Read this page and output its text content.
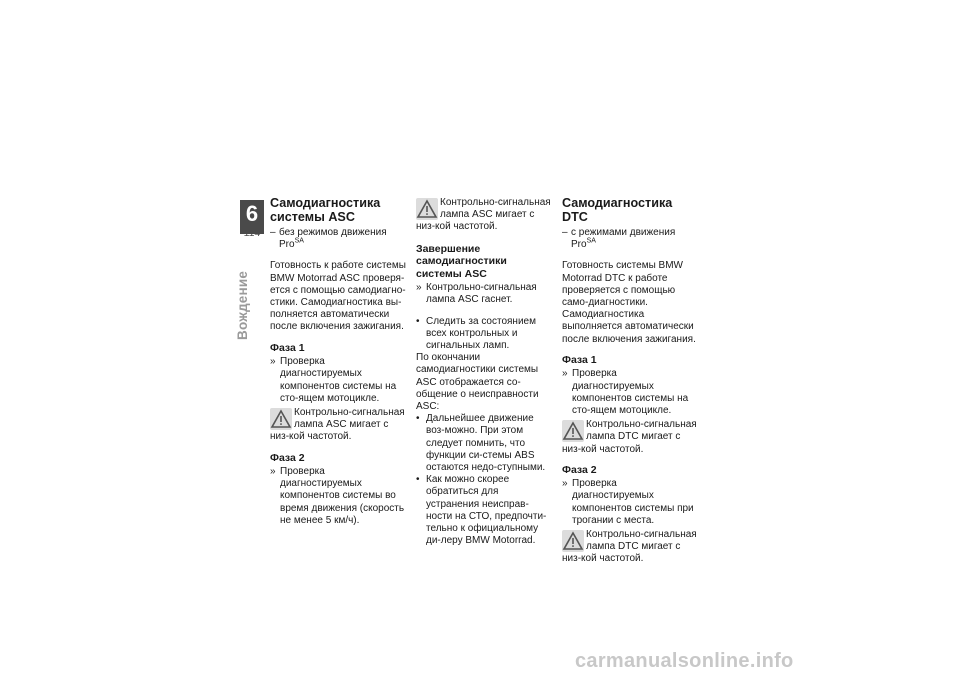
6
114
Вождение
Самодиагностика системы ASC

– без режимов движения Pro$^{SA}$

Готовность к работе системы BMW Motorrad ASC проверя-ется с помощью самодиагно-стики. Самодиагностика вы-полняется автоматически после включения зажигания.

Фаза 1

» Проверка диагностируемых компонентов системы на сто-ящем мотоцикле.

Контрольно-сигнальная лампа ASC мигает с низ-кой частотой.
Фаза 2

» Проверка диагностируемых компонентов системы во время движения (скорость не менее 5 км/ч).

Контрольно-сигнальная лампа ASC мигает с низ-кой частотой.
Завершение самодиагностики системы ASC

» Контрольно-сигнальная лампа ASC гаснет.

• Следить за состоянием всех контрольных и сигнальных ламп.

По окончании самодиагностики системы ASC отображается со-общение о неисправности ASC:

• Дальнейшее движение воз-можно. При этом следует помнить, что функции си-стемы ABS остаются недо-ступными.

• Как можно скорее обратиться для устранения неисправ-ности на СТО, предпочти-тельно к официальному ди-леру BMW Motorrad.

Самодиагностика DTC

– с режимами движения Pro$^{SA}$

Готовность системы BMW Motorrad DTC к работе проверяется с помощью само-диагностики. Самодиагностика выполняется автоматически после включения зажигания.

Фаза 1

» Проверка диагностируемых компонентов системы на сто-ящем мотоцикле.

Контрольно-сигнальная лампа DTC мигает с низ-кой частотой.
Фаза 2

» Проверка диагностируемых компонентов системы при трогании с места.

Контрольно-сигнальная лампа DTC мигает с низ-кой частотой.
carmanualsonline.info
